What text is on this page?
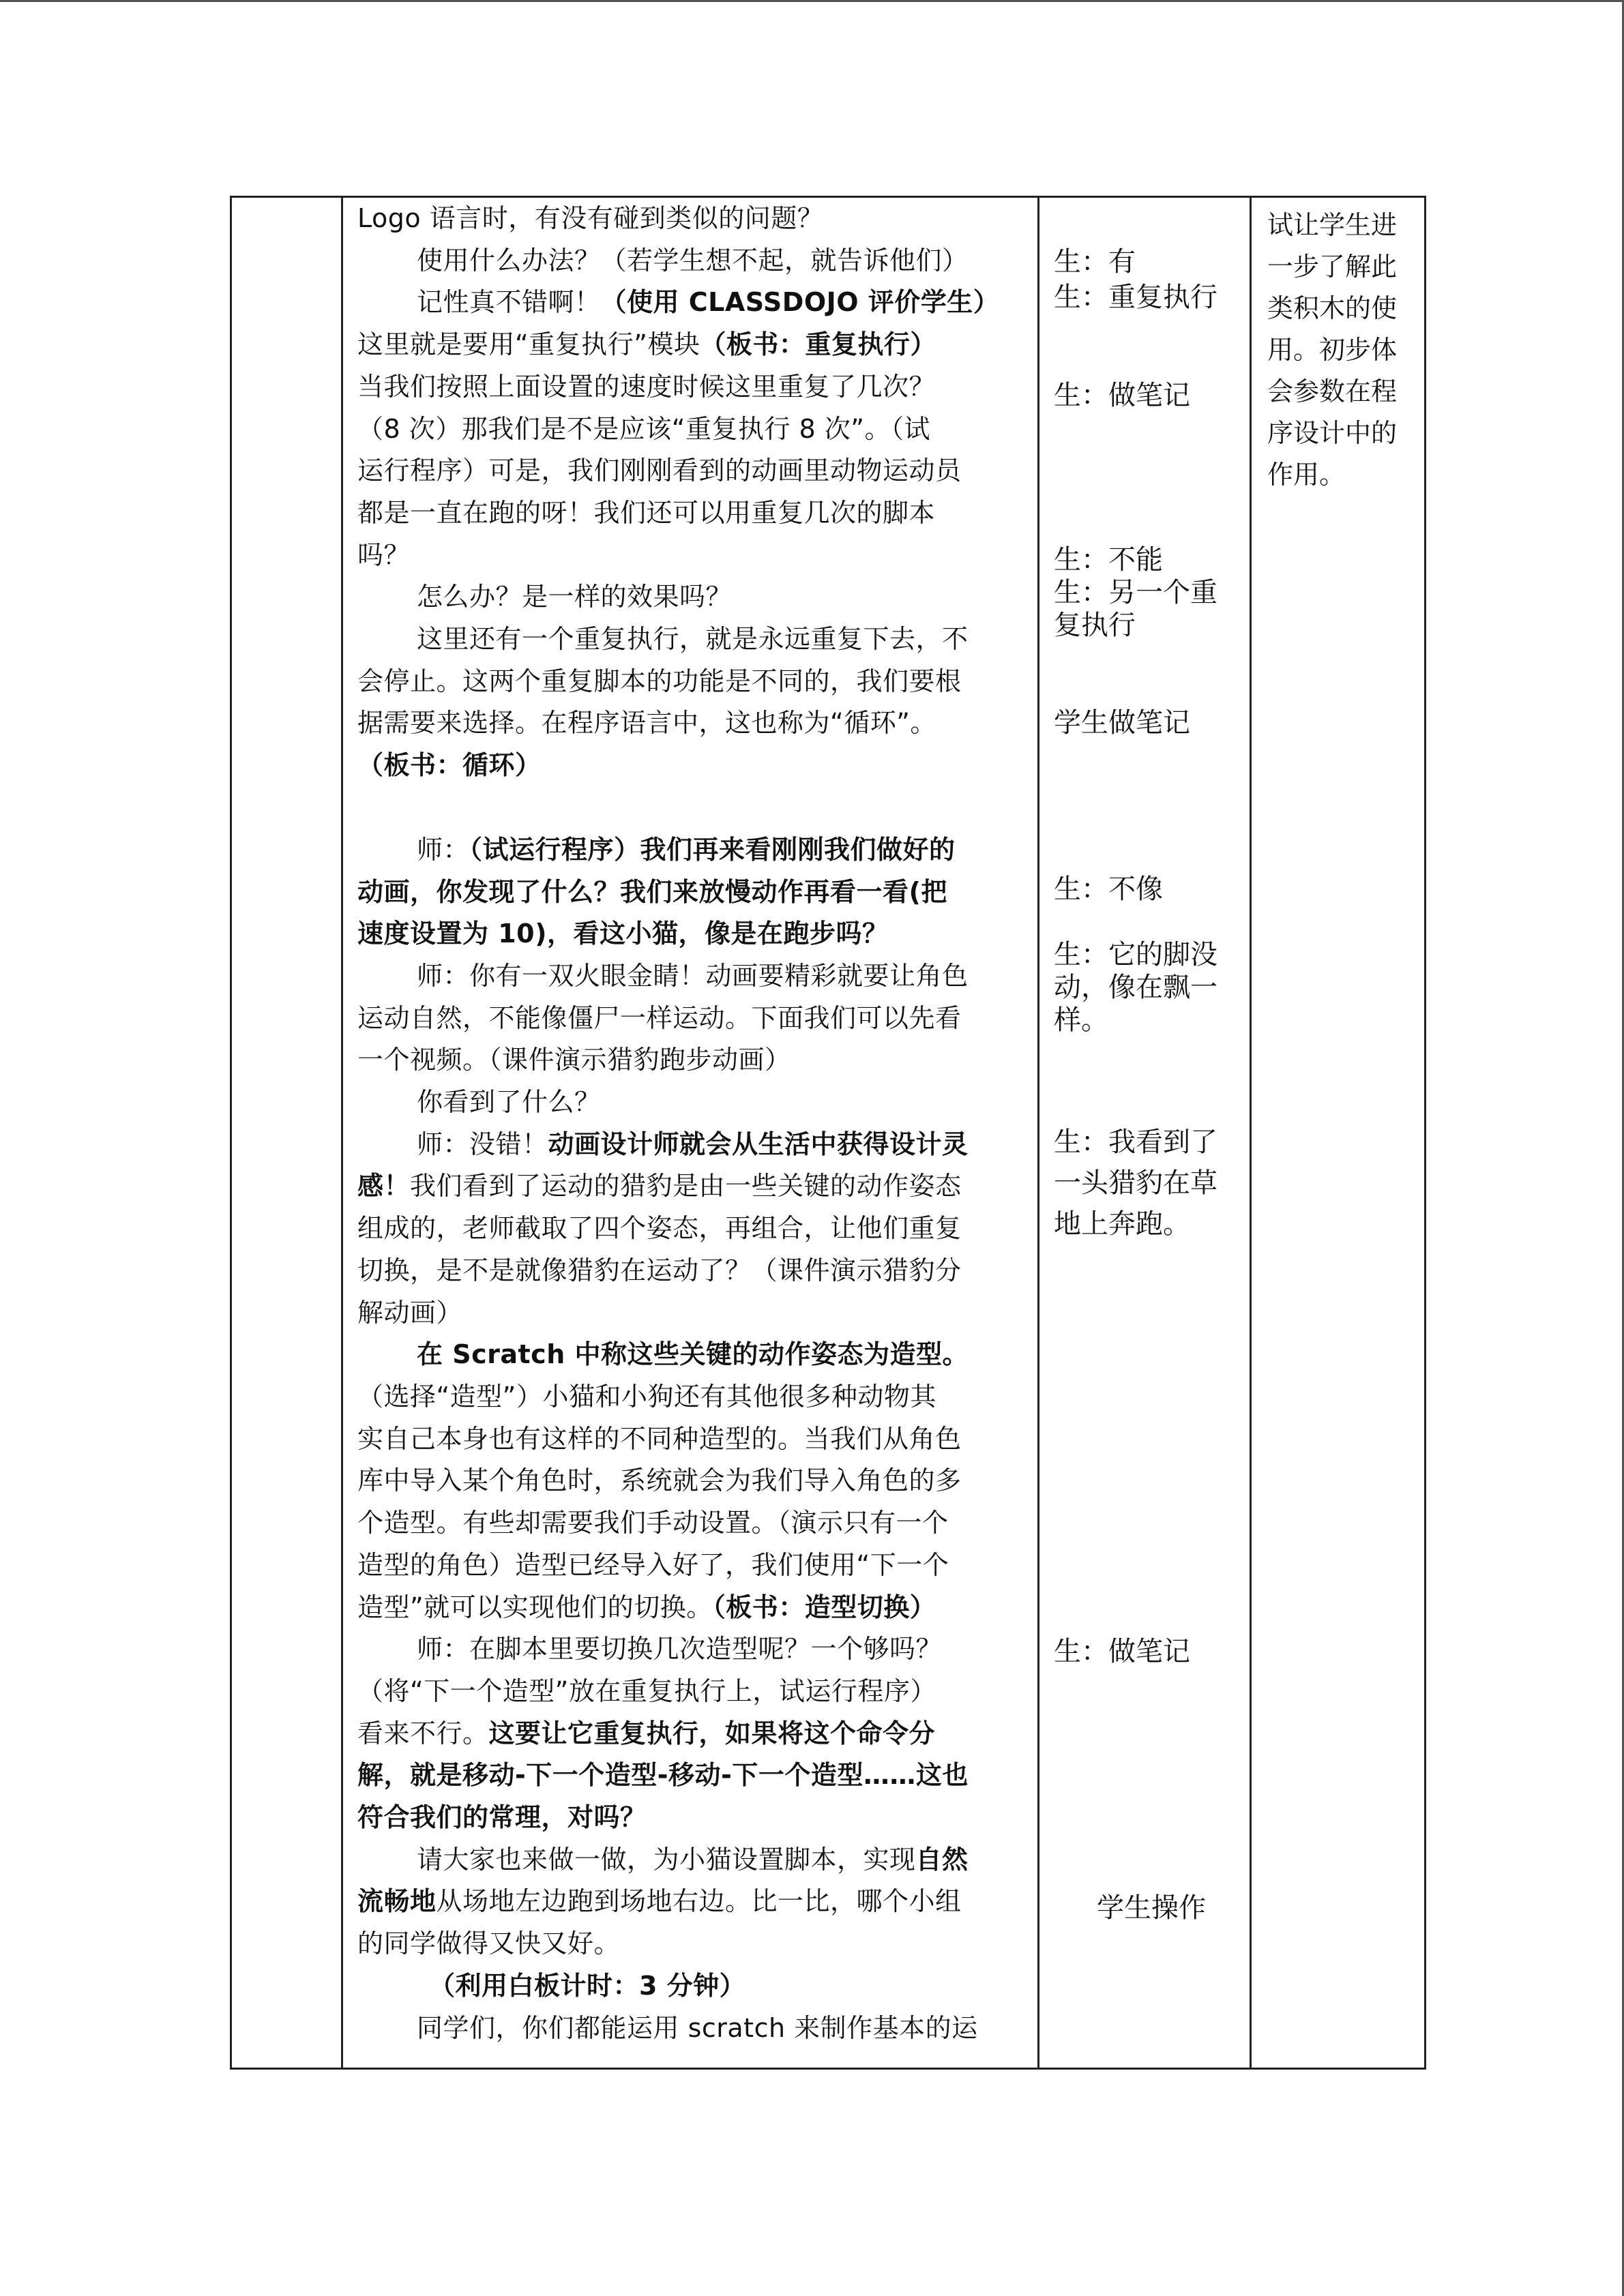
Logo 语言时，有没有碰到类似的问题？

使用什么办法？（若学生想不起，就告诉他们）

记性真不错啊！（使用 CLASSDOJO 评价学生）

这里就是要用“重复执行”模块（板书：重复执行）

当我们按照上面设置的速度时候这里重复了几次？

（8 次）那我们是不是应该“重复执行 8 次”。（试

运行程序）可是，我们刚刚看到的动画里动物运动员

都是一直在跑的呀！我们还可以用重复几次的脚本

吗？

怎么办？是一样的效果吗？

这里还有一个重复执行，就是永远重复下去，不

会停止。这两个重复脚本的功能是不同的，我们要根

据需要来选择。在程序语言中，这也称为“循环”。

（板书：循环）

师：（试运行程序）我们再来看刚刚我们做好的

动画，你发现了什么？我们来放慢动作再看一看(把

速度设置为 10)，看这小猫，像是在跑步吗？

师：你有一双火眼金睛！动画要精彩就要让角色

运动自然，不能像僵尸一样运动。下面我们可以先看

一个视频。（课件演示猎豹跑步动画）

你看到了什么？

师：没错！动画设计师就会从生活中获得设计灵

感！我们看到了运动的猎豹是由一些关键的动作姿态

组成的，老师截取了四个姿态，再组合，让他们重复

切换，是不是就像猎豹在运动了？（课件演示猎豹分

解动画）

在 Scratch 中称这些关键的动作姿态为造型。

（选择“造型”）小猫和小狗还有其他很多种动物其

实自己本身也有这样的不同种造型的。当我们从角色

库中导入某个角色时，系统就会为我们导入角色的多

个造型。有些却需要我们手动设置。（演示只有一个

造型的角色）造型已经导入好了，我们使用“下一个

造型”就可以实现他们的切换。（板书：造型切换）

师：在脚本里要切换几次造型呢？一个够吗？

（将“下一个造型”放在重复执行上，试运行程序）

看来不行。这要让它重复执行，如果将这个命令分

解，就是移动-下一个造型-移动-下一个造型……这也

符合我们的常理，对吗？

请大家也来做一做，为小猫设置脚本，实现自然

流畅地从场地左边跑到场地右边。比一比，哪个小组

的同学做得又快又好。

（利用白板计时：3 分钟）

同学们，你们都能运用 scratch 来制作基本的运

生：有

生：重复执行

生：做笔记

生：不能

生：另一个重

复执行

学生做笔记

生：不像

生：它的脚没

动，像在飘一

样。

生：我看到了

一头猎豹在草

地上奔跑。

生：做笔记

学生操作

试让学生进

一步了解此

类积木的使

用。初步体

会参数在程

序设计中的

作用。
